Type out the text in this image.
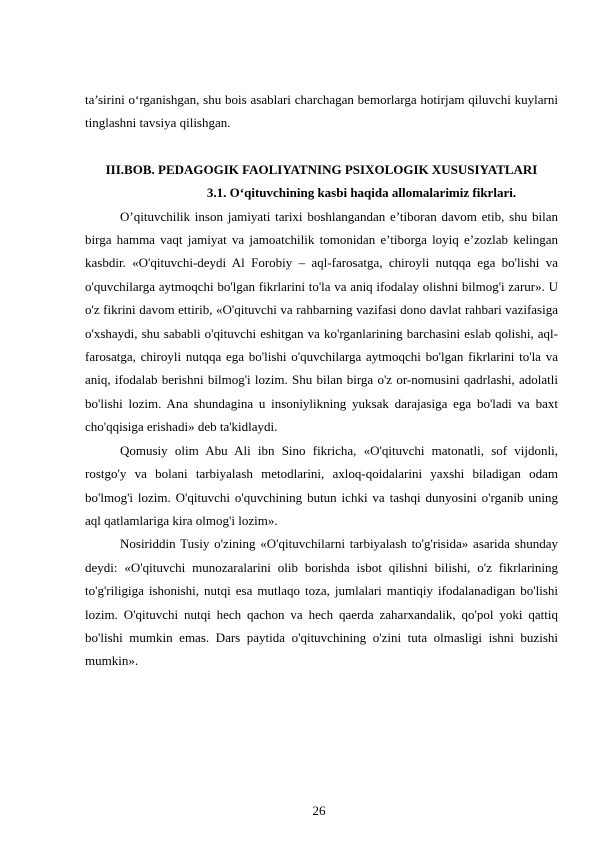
ta’sirini o‘rganishgan, shu bois asablari charchagan bemorlarga hotirjam qiluvchi kuylarni tinglashni tavsiya qilishgan.

III.BOB. PEDAGOGIK FAOLIYATNING PSIXOLOGIK XUSUSIYATLARI

3.1. O‘qituvchining kasbi haqida allomalarimiz fikrlari.

O’qituvchilik inson jamiyati tarixi boshlangandan e’tiboran davom etib, shu bilan birga hamma vaqt jamiyat va jamoatchilik tomonidan e’tiborga loyiq e’zozlab kelingan kasbdir. «O'qituvchi-deydi Al Forobiy – aql-farosatga, chiroyli nutqqa ega bo'lishi va o'quvchilarga aytmoqchi bo'lgan fikrlarini to'la va aniq ifodalay olishni bilmog'i zarur». U o'z fikrini davom ettirib, «O'qituvchi va rahbarning vazifasi dono davlat rahbari vazifasiga o'xshaydi, shu sababli o'qituvchi eshitgan va ko'rganlarining barchasini eslab qolishi, aql-farosatga, chiroyli nutqqa ega bo'lishi o'quvchilarga aytmoqchi bo'lgan fikrlarini to'la va aniq, ifodalab berishni bilmog'i lozim. Shu bilan birga o'z or-nomusini qadrlashi, adolatli bo'lishi lozim. Ana shundagina u insoniylikning yuksak darajasiga ega bo'ladi va baxt cho'qqisiga erishadi» deb ta'kidlaydi.

Qomusiy olim Abu Ali ibn Sino fikricha, «O'qituvchi matonatli, sof vijdonli, rostgo'y va bolani tarbiyalash metodlarini, axloq-qoidalarini yaxshi biladigan odam bo'lmog'i lozim. O'qituvchi o'quvchining butun ichki va tashqi dunyosini o'rganib uning aql qatlamlariga kira olmog'i lozim».

Nosiriddin Tusiy o'zining «O'qituvchilarni tarbiyalash to'g'risida» asarida shunday deydi: «O'qituvchi munozaralarini olib borishda isbot qilishni bilishi, o'z fikrlarining to'g'riligiga ishonishi, nutqi esa mutlaqo toza, jumlalari mantiqiy ifodalanadigan bo'lishi lozim. O'qituvchi nutqi hech qachon va hech qaerda zaharxandalik, qo'pol yoki qattiq bo'lishi mumkin emas. Dars paytida o'qituvchining o'zini tuta olmasligi ishni buzishi mumkin».

26
